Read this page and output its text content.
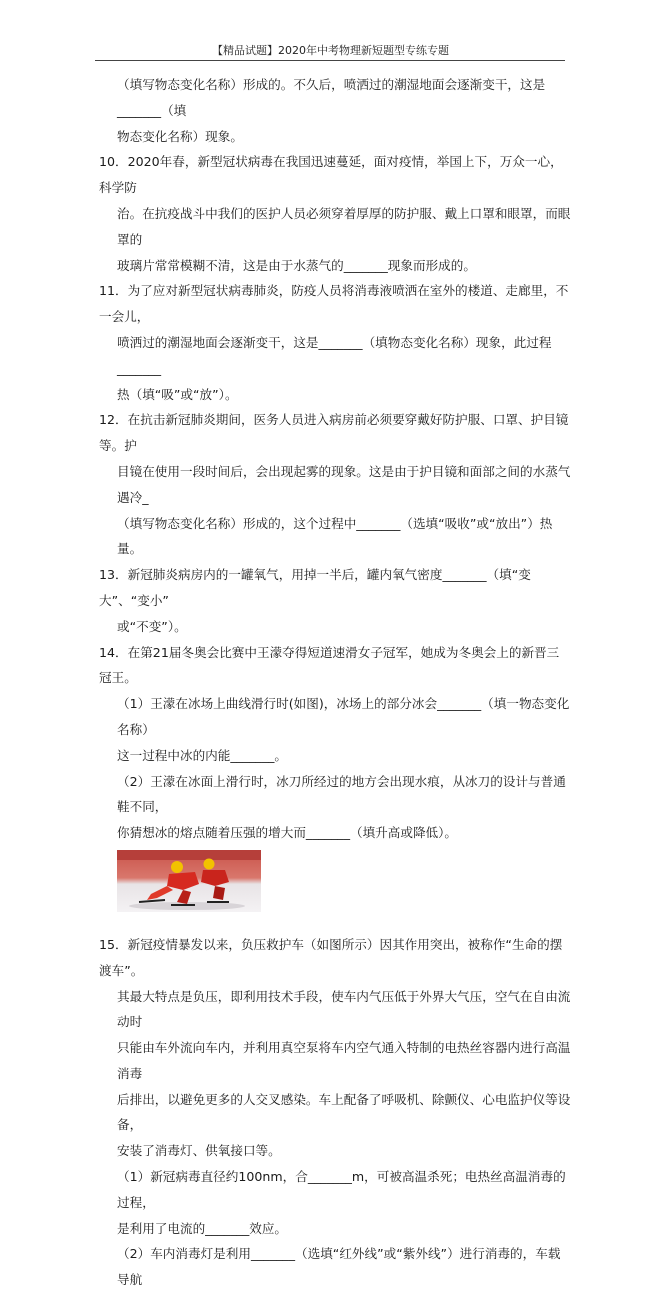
【精品试题】2020年中考物理新短题型专练专题
（填写物态变化名称）形成的。不久后，喷洒过的潮湿地面会逐渐变干，这是_______（填
物态变化名称）现象。
10．2020年春，新型冠状病毒在我国迅速蔓延，面对疫情，举国上下，万众一心，科学防
治。在抗疫战斗中我们的医护人员必须穿着厚厚的防护服、戴上口罩和眼罩，而眼罩的
玻璃片常常模糊不清，这是由于水蒸气的_______现象而形成的。
11．为了应对新型冠状病毒肺炎，防疫人员将消毒液喷洒在室外的楼道、走廊里，不一会儿，
喷洒过的潮湿地面会逐渐变干，这是_______（填物态变化名称）现象，此过程_______
热（填“吸”或“放”）。
12．在抗击新冠肺炎期间，医务人员进入病房前必须要穿戴好防护服、口罩、护目镜等。护
目镜在使用一段时间后，会出现起雾的现象。这是由于护目镜和面部之间的水蒸气遇冷_
（填写物态变化名称）形成的，这个过程中_______（选填“吸收”或“放出”）热量。
13．新冠肺炎病房内的一罐氧气，用掉一半后，罐内氧气密度_______（填“变大”、“变小”
或“不变”）。
14．在第21届冬奥会比赛中王濛夺得短道速滑女子冠军，她成为冬奥会上的新晋三冠王。
（1）王濛在冰场上曲线滑行时(如图)，冰场上的部分冰会_______（填一物态变化名称）
这一过程中冰的内能_______。
（2）王濛在冰面上滑行时，冰刀所经过的地方会出现水痕，从冰刀的设计与普通鞋不同，
你猜想冰的熔点随着压强的增大而_______（填升高或降低）。
15．新冠疫情暴发以来，负压救护车（如图所示）因其作用突出，被称作“生命的摆渡车”。
其最大特点是负压，即利用技术手段，使车内气压低于外界大气压，空气在自由流动时
只能由车外流向车内，并利用真空泵将车内空气通入特制的电热丝容器内进行高温消毒
后排出，以避免更多的人交叉感染。车上配备了呼吸机、除颤仪、心电监护仪等设备，
安装了消毒灯、供氧接口等。
（1）新冠病毒直径约100nm，合_______m，可被高温杀死；电热丝高温消毒的过程，
是利用了电流的_______效应。
（2）车内消毒灯是利用_______（选填“红外线”或“紫外线”）进行消毒的，车载导航
